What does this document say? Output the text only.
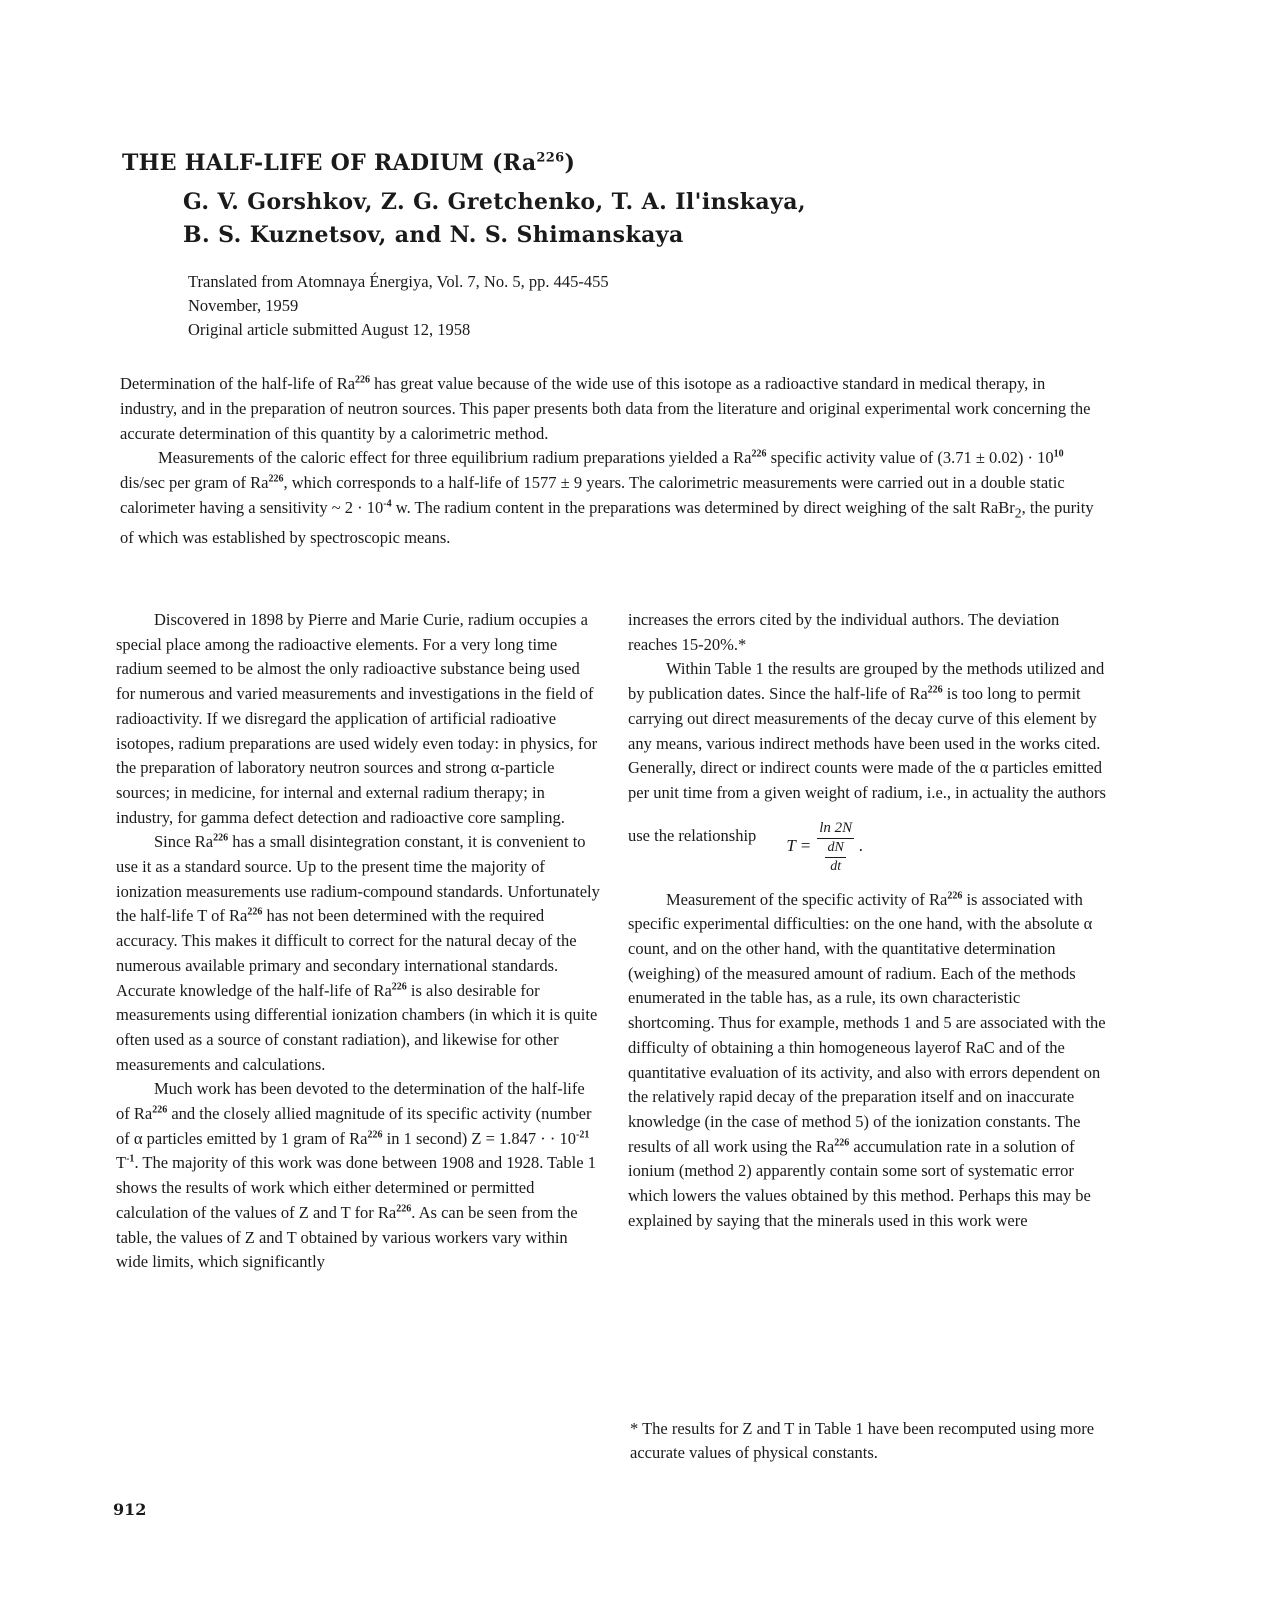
THE HALF-LIFE OF RADIUM (Ra$^{226}$)
G. V. Gorshkov, Z. G. Gretchenko, T. A. Il'inskaya,
B. S. Kuznetsov, and N. S. Shimanskaya
Translated from Atomnaya Énergiya, Vol. 7, No. 5, pp. 445-455
November, 1959
Original article submitted August 12, 1958

Determination of the half-life of Ra$^{226}$ has great value because of the wide use of this isotope as a radioactive standard in medical therapy, in industry, and in the preparation of neutron sources. This paper presents both data from the literature and original experimental work concerning the accurate determination of this quantity by a calorimetric method.

Measurements of the caloric effect for three equilibrium radium preparations yielded a Ra$^{226}$ specific activity value of $(3.71 \pm 0.02) \cdot 10^{10}$ dis/sec per gram of Ra$^{226}$, which corresponds to a half-life of 1577 ± 9 years. The calorimetric measurements were carried out in a double static calorimeter having a sensitivity ~ $2 \cdot 10^{-4}$ w. The radium content in the preparations was determined by direct weighing of the salt RaBr$_2$, the purity of which was established by spectroscopic means.

Discovered in 1898 by Pierre and Marie Curie, radium occupies a special place among the radioactive elements. For a very long time radium seemed to be almost the only radioactive substance being used for numerous and varied measurements and investigations in the field of radioactivity. If we disregard the application of artificial radioative isotopes, radium preparations are used widely even today: in physics, for the preparation of laboratory neutron sources and strong α-particle sources; in medicine, for internal and external radium therapy; in industry, for gamma defect detection and radioactive core sampling.

Since Ra$^{226}$ has a small disintegration constant, it is convenient to use it as a standard source. Up to the present time the majority of ionization measurements use radium-compound standards. Unfortunately the half-life T of Ra$^{226}$ has not been determined with the required accuracy. This makes it difficult to correct for the natural decay of the numerous available primary and secondary international standards. Accurate knowledge of the half-life of Ra$^{226}$ is also desirable for measurements using differential ionization chambers (in which it is quite often used as a source of constant radiation), and likewise for other measurements and calculations.

Much work has been devoted to the determination of the half-life of Ra$^{226}$ and the closely allied magnitude of its specific activity (number of α particles emitted by 1 gram of Ra$^{226}$ in 1 second) Z = 1.847 · · $10^{-21}$ $T^{-1}$. The majority of this work was done between 1908 and 1928. Table 1 shows the results of work which either determined or permitted calculation of the values of Z and T for Ra$^{226}$. As can be seen from the table, the values of Z and T obtained by various workers vary within wide limits, which significantly

increases the errors cited by the individual authors. The deviation reaches 15-20%.*

Within Table 1 the results are grouped by the methods utilized and by publication dates. Since the half-life of Ra$^{226}$ is too long to permit carrying out direct measurements of the decay curve of this element by any means, various indirect methods have been used in the works cited. Generally, direct or indirect counts were made of the α particles emitted per unit time from a given weight of radium, i.e., in actuality the authors

use the relationship
T = ln 2N
dN
dt .

Measurement of the specific activity of Ra$^{226}$ is associated with specific experimental difficulties: on the one hand, with the absolute α count, and on the other hand, with the quantitative determination (weighing) of the measured amount of radium. Each of the methods enumerated in the table has, as a rule, its own characteristic shortcoming. Thus for example, methods 1 and 5 are associated with the difficulty of obtaining a thin homogeneous layerof RaC and of the quantitative evaluation of its activity, and also with errors dependent on the relatively rapid decay of the preparation itself and on inaccurate knowledge (in the case of method 5) of the ionization constants. The results of all work using the Ra$^{226}$ accumulation rate in a solution of ionium (method 2) apparently contain some sort of systematic error which lowers the values obtained by this method. Perhaps this may be explained by saying that the minerals used in this work were

* The results for Z and T in Table 1 have been recomputed using more accurate values of physical constants.
912
